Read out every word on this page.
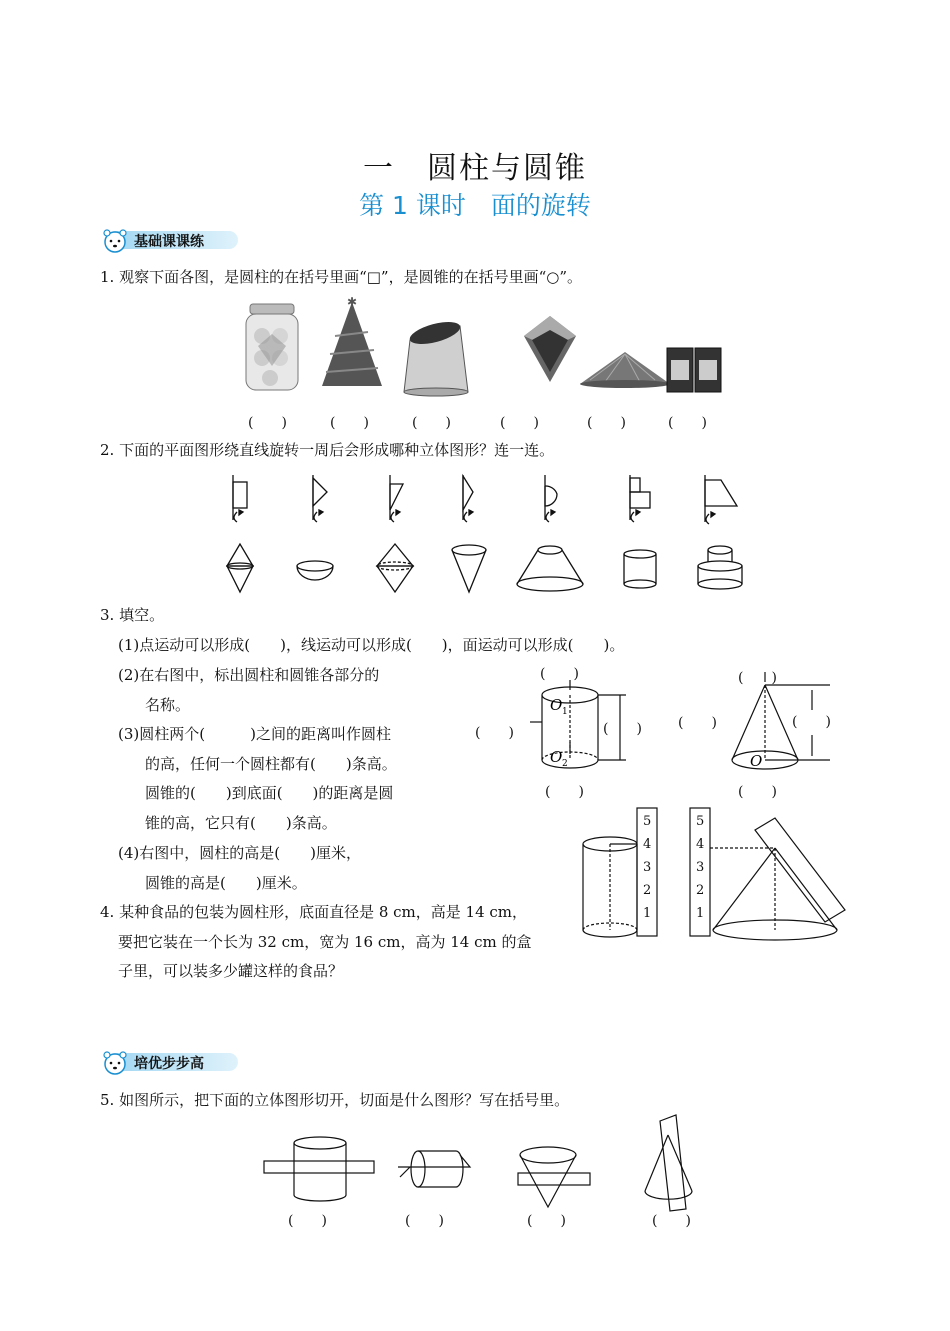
一　圆柱与圆锥
第 1 课时　面的旋转
基础课课练
1. 观察下面各图，是圆柱的在括号里画“□”，是圆锥的在括号里画“○”。
✱
(　　)	(　　)	(　　)	(　　)	(　　)	(　　)
2. 下面的平面图形绕直线旋转一周后会形成哪种立体图形？连一连。
3. 填空。
(1)点运动可以形成(　　)，线运动可以形成(　　)，面运动可以形成(　　)。
(2)在右图中，标出圆柱和圆锥各部分的
名称。
(3)圆柱两个(　　　)之间的距离叫作圆柱
的高，任何一个圆柱都有(　　)条高。
圆锥的(　　)到底面(　　)的距离是圆
锥的高，它只有(　　)条高。
(4)右图中，圆柱的高是(　　)厘米，
圆锥的高是(　　)厘米。
(　　)	(　　)
(　　)	(　　)	(　　)	(　　)
(　　)	(　　)
O 1
O 2	O
5
4
3
2
1
5
4
3
2
1
4. 某种食品的包装为圆柱形，底面直径是 8 cm，高是 14 cm，
要把它装在一个长为 32 cm，宽为 16 cm，高为 14 cm 的盒
子里，可以装多少罐这样的食品？
培优步步高
5. 如图所示，把下面的立体图形切开，切面是什么图形？写在括号里。
(　　)	(　　)	(　　)	(　　)
